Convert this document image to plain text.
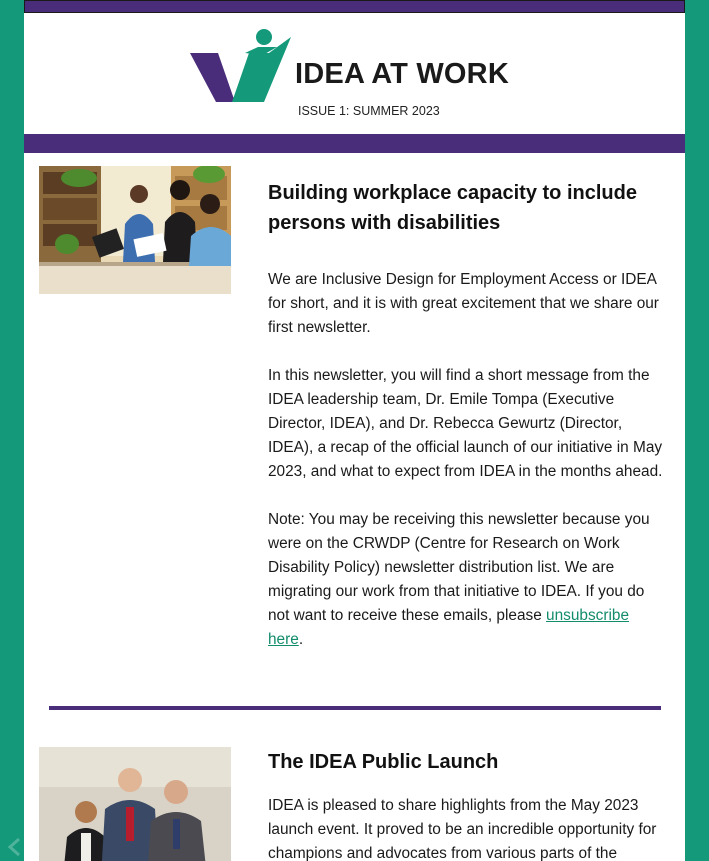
IDEA AT WORK
ISSUE 1: SUMMER 2023
Building workplace capacity to include persons with disabilities

We are Inclusive Design for Employment Access or IDEA for short, and it is with great excitement that we share our first newsletter.

In this newsletter, you will find a short message from the IDEA leadership team, Dr. Emile Tompa (Executive Director, IDEA), and Dr. Rebecca Gewurtz (Director, IDEA), a recap of the official launch of our initiative in May 2023, and what to expect from IDEA in the months ahead.

Note: You may be receiving this newsletter because you were on the CRWDP (Centre for Research on Work Disability Policy) newsletter distribution list. We are migrating our work from that initiative to IDEA. If you do not want to receive these emails, please unsubscribe here.

The IDEA Public Launch

IDEA is pleased to share highlights from the May 2023 launch event. It proved to be an incredible opportunity for champions and advocates from various parts of the
